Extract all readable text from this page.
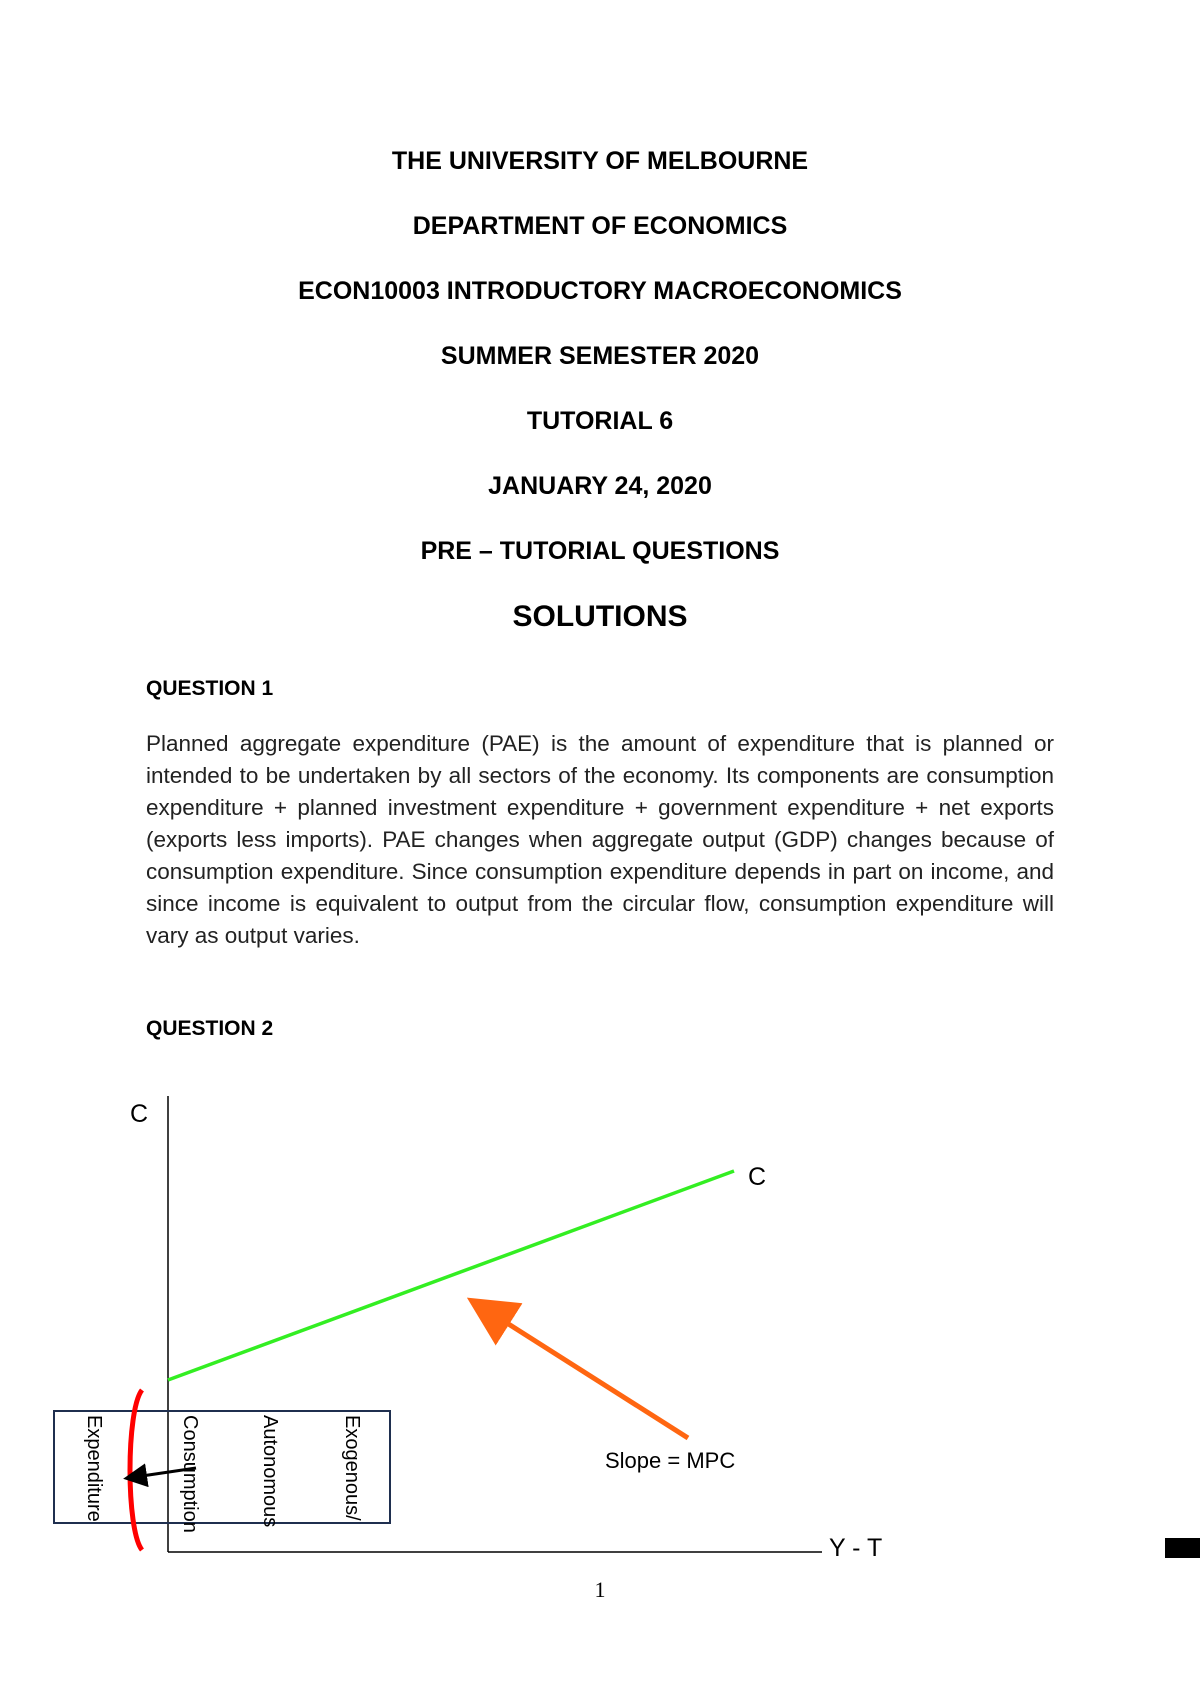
THE UNIVERSITY OF MELBOURNE

DEPARTMENT OF ECONOMICS

ECON10003 INTRODUCTORY MACROECONOMICS

SUMMER SEMESTER 2020

TUTORIAL 6

JANUARY 24, 2020

PRE – TUTORIAL QUESTIONS

SOLUTIONS

QUESTION 1

Planned aggregate expenditure (PAE) is the amount of expenditure that is planned or intended to be undertaken by all sectors of the economy. Its components are consumption expenditure + planned investment expenditure + government expenditure + net exports (exports less imports). PAE changes when aggregate output (GDP) changes because of consumption expenditure. Since consumption expenditure depends in part on income, and since income is equivalent to output from the circular flow, consumption expenditure will vary as output varies.

QUESTION 2

C

C

Y - T

Slope = MPC

Exogenous/
Autonomous
Consumption
Expenditure

1
